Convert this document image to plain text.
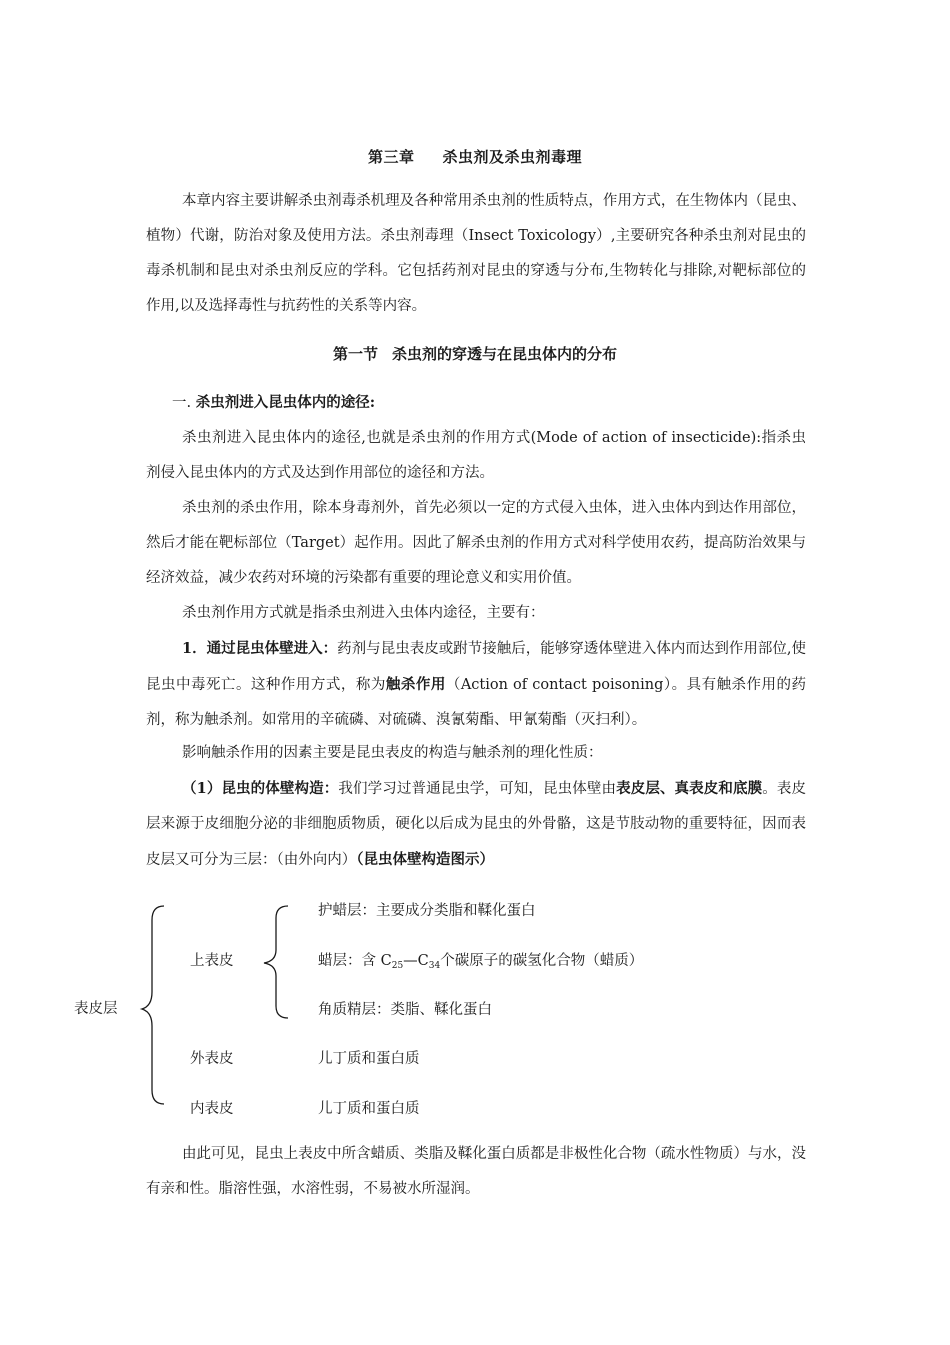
第三章 杀虫剂及杀虫剂毒理

本章内容主要讲解杀虫剂毒杀机理及各种常用杀虫剂的性质特点，作用方式，在生物体内（昆虫、植物）代谢，防治对象及使用方法。杀虫剂毒理（Insect Toxicology）,主要研究各种杀虫剂对昆虫的毒杀机制和昆虫对杀虫剂反应的学科。它包括药剂对昆虫的穿透与分布,生物转化与排除,对靶标部位的作用,以及选择毒性与抗药性的关系等内容。

第一节 杀虫剂的穿透与在昆虫体内的分布
一. 杀虫剂进入昆虫体内的途径:

杀虫剂进入昆虫体内的途径,也就是杀虫剂的作用方式(Mode of action of insecticide):指杀虫剂侵入昆虫体内的方式及达到作用部位的途径和方法。

杀虫剂的杀虫作用，除本身毒剂外，首先必须以一定的方式侵入虫体，进入虫体内到达作用部位，然后才能在靶标部位（Target）起作用。因此了解杀虫剂的作用方式对科学使用农药，提高防治效果与经济效益，减少农药对环境的污染都有重要的理论意义和实用价值。

杀虫剂作用方式就是指杀虫剂进入虫体内途径，主要有：

1．通过昆虫体壁进入：药剂与昆虫表皮或跗节接触后，能够穿透体壁进入体内而达到作用部位,使昆虫中毒死亡。这种作用方式，称为触杀作用（Action of contact poisoning）。具有触杀作用的药剂，称为触杀剂。如常用的辛硫磷、对硫磷、溴氰菊酯、甲氰菊酯（灭扫利）。

影响触杀作用的因素主要是昆虫表皮的构造与触杀剂的理化性质：

（1）昆虫的体壁构造：我们学习过普通昆虫学，可知，昆虫体壁由表皮层、真表皮和底膜。表皮层来源于皮细胞分泌的非细胞质物质，硬化以后成为昆虫的外骨骼，这是节肢动物的重要特征，因而表皮层又可分为三层：（由外向内）（昆虫体壁构造图示）

表皮层
上表皮
外表皮
内表皮
护蜡层：主要成分类脂和鞣化蛋白
蜡层：含 $C_{25}—C_{34}$个碳原子的碳氢化合物（蜡质）
角质精层：类脂、鞣化蛋白
儿丁质和蛋白质
儿丁质和蛋白质

由此可见，昆虫上表皮中所含蜡质、类脂及鞣化蛋白质都是非极性化合物（疏水性物质）与水，没有亲和性。脂溶性强，水溶性弱，不易被水所湿润。
